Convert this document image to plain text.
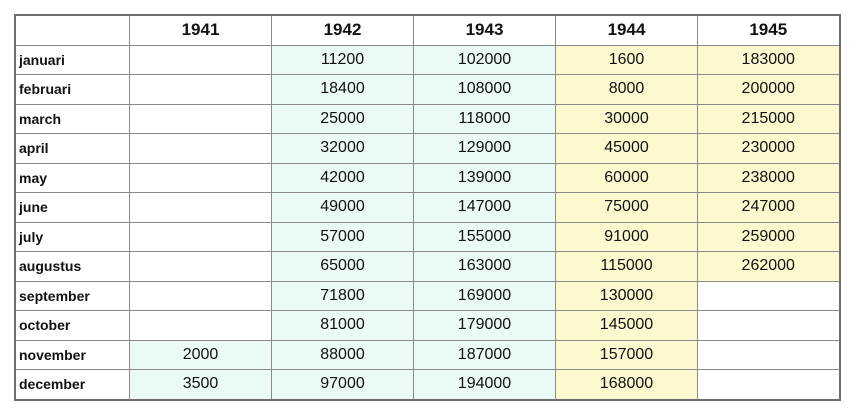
	1941	1942	1943	1944	1945
januari		11200	102000	1600	183000
februari		18400	108000	8000	200000
march		25000	118000	30000	215000
april		32000	129000	45000	230000
may		42000	139000	60000	238000
june		49000	147000	75000	247000
july		57000	155000	91000	259000
augustus		65000	163000	115000	262000
september		71800	169000	130000	
october		81000	179000	145000	
november	2000	88000	187000	157000	
december	3500	97000	194000	168000	
